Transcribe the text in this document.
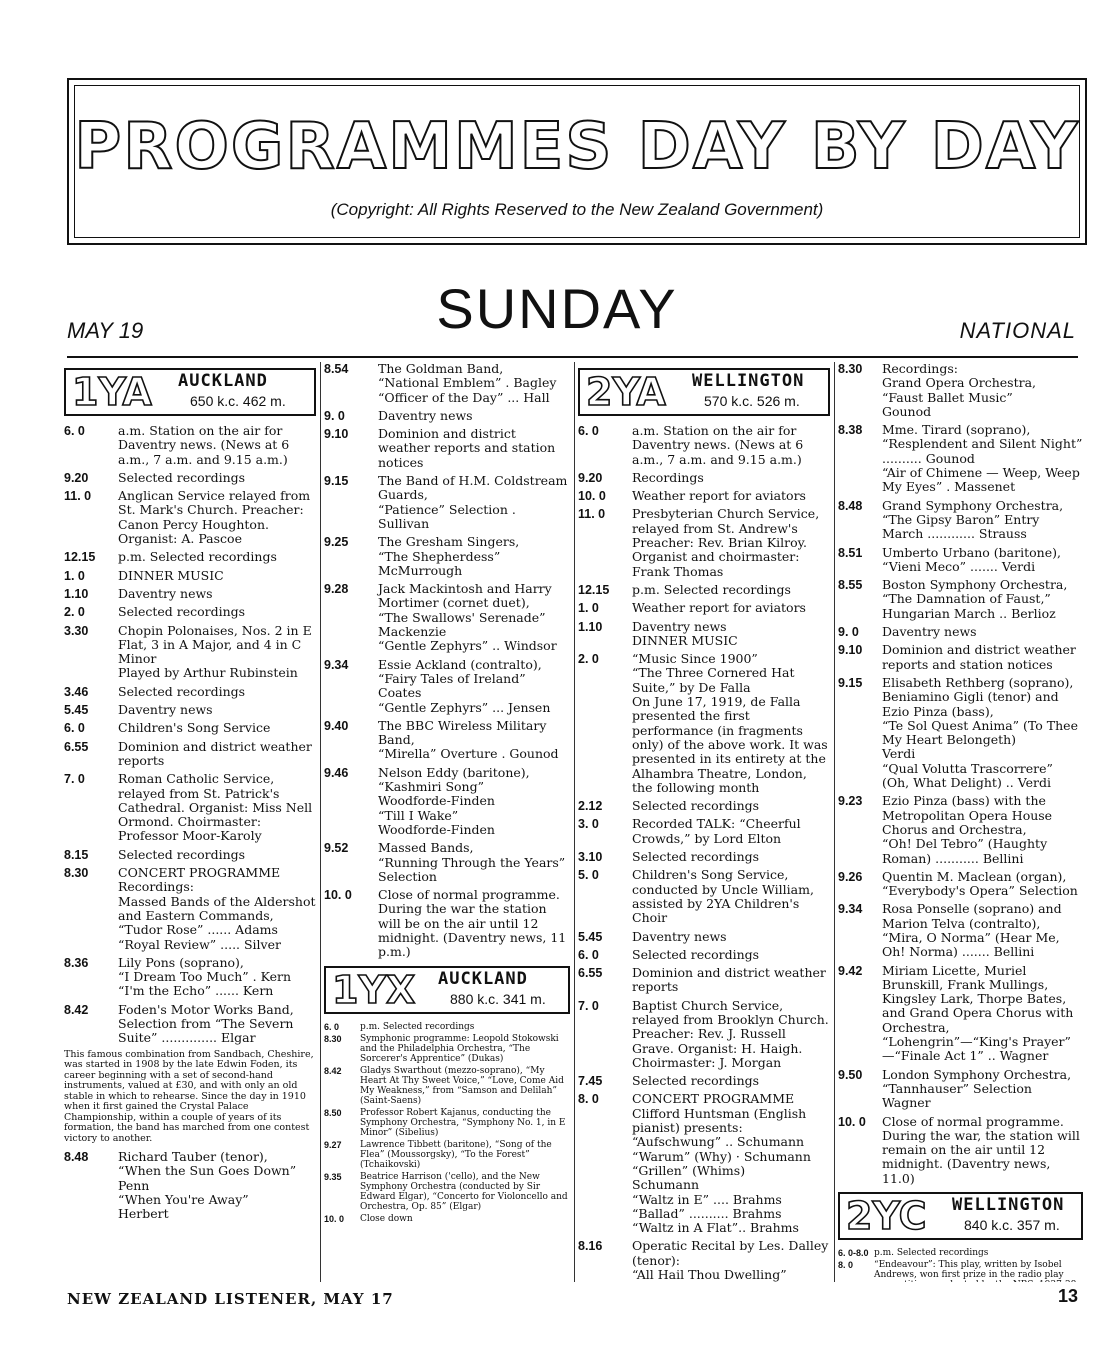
PROGRAMMES DAY BY DAY
(Copyright: All Rights Reserved to the New Zealand Government)
MAY 19	SUNDAY	NATIONAL
1YA AUCKLAND
650 k.c. 462 m.
6. 0	a.m. Station on the air for Daventry news. (News at 6 a.m., 7 a.m. and 9.15 a.m.)
9.20	Selected recordings
11. 0	Anglican Service relayed from St. Mark's Church. Preacher: Canon Percy Houghton. Organist: A. Pascoe
12.15	p.m. Selected recordings
1. 0	DINNER MUSIC
1.10	Daventry news
2. 0	Selected recordings
3.30	Chopin Polonaises, Nos. 2 in E Flat, 3 in A Major, and 4 in C Minor
Played by Arthur Rubinstein
3.46	Selected recordings
5.45	Daventry news
6. 0	Children's Song Service
6.55	Dominion and district weather reports
7. 0	Roman Catholic Service, relayed from St. Patrick's Cathedral. Organist: Miss Nell Ormond. Choirmaster: Professor Moor-Karoly
8.15	Selected recordings
8.30	CONCERT PROGRAMME
Recordings:
Massed Bands of the Aldershot and Eastern Commands,
“Tudor Rose” ...... Adams
“Royal Review” ..... Silver
8.36	Lily Pons (soprano),
“I Dream Too Much” . Kern
“I'm the Echo” ...... Kern
8.42	Foden's Motor Works Band,
Selection from “The Severn Suite” .............. Elgar
This famous combination from Sandbach, Cheshire, was started in 1908 by the late Edwin Foden, its career beginning with a set of second-hand instruments, valued at £30, and with only an old stable in which to rehearse. Since the day in 1910 when it first gained the Crystal Palace Championship, within a couple of years of its formation, the band has marched from one contest victory to another.
8.48	Richard Tauber (tenor),
“When the Sun Goes Down”
Penn
“When You're Away”
Herbert
8.54	The Goldman Band,
“National Emblem” . Bagley
“Officer of the Day” ... Hall
9. 0	Daventry news
9.10	Dominion and district weather reports and station notices
9.15	The Band of H.M. Coldstream Guards,
“Patience” Selection . Sullivan
9.25	The Gresham Singers,
“The Shepherdess”
McMurrough
9.28	Jack Mackintosh and Harry Mortimer (cornet duet),
“The Swallows' Serenade”
Mackenzie
“Gentle Zephyrs” .. Windsor
9.34	Essie Ackland (contralto),
“Fairy Tales of Ireland”
Coates
“Gentle Zephyrs” ... Jensen
9.40	The BBC Wireless Military Band,
“Mirella” Overture . Gounod
9.46	Nelson Eddy (baritone),
“Kashmiri Song”
Woodforde-Finden
“Till I Wake”
Woodforde-Finden
9.52	Massed Bands,
“Running Through the Years”
Selection
10. 0	Close of normal programme. During the war the station will be on the air until 12 midnight. (Daventry news, 11 p.m.)
1YX AUCKLAND
880 k.c. 341 m.
6. 0	p.m. Selected recordings
8.30	Symphonic programme: Leopold Stokowski and the Philadelphia Orchestra, “The Sorcerer's Apprentice” (Dukas)
8.42	Gladys Swarthout (mezzo-soprano), “My Heart At Thy Sweet Voice,” “Love, Come Aid My Weakness,” from “Samson and Delilah” (Saint-Saens)
8.50	Professor Robert Kajanus, conducting the Symphony Orchestra, “Symphony No. 1, in E Minor” (Sibelius)
9.27	Lawrence Tibbett (baritone), “Song of the Flea” (Moussorgsky), “To the Forest” (Tchaikovski)
9.35	Beatrice Harrison ('cello), and the New Symphony Orchestra (conducted by Sir Edward Elgar), “Concerto for Violoncello and Orchestra, Op. 85” (Elgar)
10. 0	Close down
2YA WELLINGTON
570 k.c. 526 m.
6. 0	a.m. Station on the air for Daventry news. (News at 6 a.m., 7 a.m. and 9.15 a.m.)
9.20	Recordings
10. 0	Weather report for aviators
11. 0	Presbyterian Church Service, relayed from St. Andrew's Preacher: Rev. Brian Kilroy. Organist and choirmaster: Frank Thomas
12.15	p.m. Selected recordings
1. 0	Weather report for aviators
1.10	Daventry news
DINNER MUSIC
2. 0	“Music Since 1900”
“The Three Cornered Hat Suite,” by De Falla
On June 17, 1919, de Falla presented the first performance (in fragments only) of the above work. It was presented in its entirety at the Alhambra Theatre, London, the following month
2.12	Selected recordings
3. 0	Recorded TALK: “Cheerful Crowds,” by Lord Elton
3.10	Selected recordings
5. 0	Children's Song Service, conducted by Uncle William, assisted by 2YA Children's Choir
5.45	Daventry news
6. 0	Selected recordings
6.55	Dominion and district weather reports
7. 0	Baptist Church Service, relayed from Brooklyn Church. Preacher: Rev. J. Russell Grave. Organist: H. Haigh. Choirmaster: J. Morgan
7.45	Selected recordings
8. 0	CONCERT PROGRAMME
Clifford Huntsman (English pianist) presents:
“Aufschwung” .. Schumann
“Warum” (Why) · Schumann
“Grillen” (Whims)
Schumann
“Waltz in E” .... Brahms
“Ballad” .......... Brahms
“Waltz in A Flat”.. Brahms
8.16	Operatic Recital by Les. Dalley (tenor):
“All Hail Thou Dwelling”

8.30	Recordings:
Grand Opera Orchestra,
“Faust Ballet Music”
Gounod
8.38	Mme. Tirard (soprano),
“Resplendent and Silent Night” .......... Gounod
“Air of Chimene — Weep, Weep My Eyes” . Massenet
8.48	Grand Symphony Orchestra,
“The Gipsy Baron” Entry March ............ Strauss
8.51	Umberto Urbano (baritone),
“Vieni Meco” ....... Verdi
8.55	Boston Symphony Orchestra,
“The Damnation of Faust,” Hungarian March .. Berlioz
9. 0	Daventry news
9.10	Dominion and district weather reports and station notices
9.15	Elisabeth Rethberg (soprano), Beniamino Gigli (tenor) and Ezio Pinza (bass),
“Te Sol Quest Anima” (To Thee My Heart Belongeth)
Verdi
“Qual Volutta Trascorrere” (Oh, What Delight) .. Verdi
9.23	Ezio Pinza (bass) with the Metropolitan Opera House Chorus and Orchestra,
“Oh! Del Tebro” (Haughty Roman) ........... Bellini
9.26	Quentin M. Maclean (organ),
“Everybody's Opera” Selection
9.34	Rosa Ponselle (soprano) and Marion Telva (contralto),
“Mira, O Norma” (Hear Me, Oh! Norma) ....... Bellini
9.42	Miriam Licette, Muriel Brunskill, Frank Mullings, Kingsley Lark, Thorpe Bates, and Grand Opera Chorus with Orchestra,
“Lohengrin”—“King's Prayer” —“Finale Act 1” .. Wagner
9.50	London Symphony Orchestra,
“Tannhauser” Selection
Wagner
10. 0	Close of normal programme. During the war, the station will remain on the air until 12 midnight. (Daventry news, 11.0)
2YC WELLINGTON
840 k.c. 357 m.
6. 0-8.0 p.m. Selected recordings
8. 0	“Endeavour”: This play, written by Isobel Andrews, won first prize in the radio play
NEW ZEALAND LISTENER, MAY 17	13
